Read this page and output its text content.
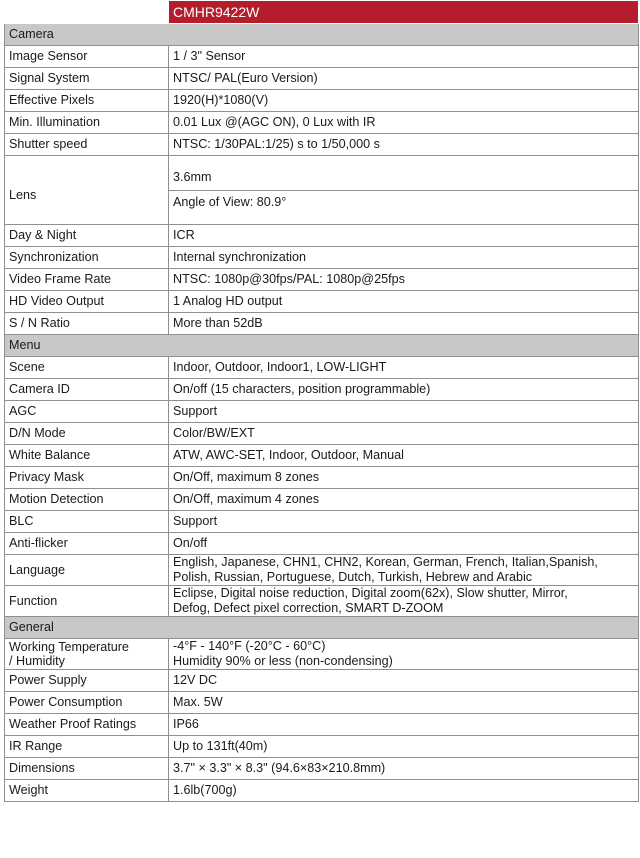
	CMHR9422W
Camera	

Image Sensor	1 / 3" Sensor

Signal System	NTSC/ PAL(Euro Version)

Effective Pixels	1920(H)*1080(V)

Min. Illumination	0.01 Lux @(AGC ON), 0 Lux with IR

Shutter speed	NTSC: 1/30PAL:1/25) s to 1/50,000 s

Lens	3.6mm
Angle of View: 80.9°

Day & Night	ICR

Synchronization	Internal synchronization

Video Frame Rate	NTSC: 1080p@30fps/PAL: 1080p@25fps

HD Video Output	1 Analog HD output

S / N Ratio	More than 52dB

Menu	

Scene	Indoor, Outdoor, Indoor1, LOW-LIGHT

Camera ID	On/off (15 characters, position programmable)

AGC	Support

D/N Mode	Color/BW/EXT

White Balance	ATW, AWC-SET, Indoor, Outdoor, Manual

Privacy Mask	On/Off, maximum 8 zones

Motion Detection	On/Off, maximum 4 zones

BLC	Support

Anti-flicker	On/off

Language	English, Japanese, CHN1, CHN2, Korean, German, French, Italian,Spanish,
Polish, Russian, Portuguese, Dutch, Turkish, Hebrew and Arabic

Function	Eclipse, Digital noise reduction, Digital zoom(62x), Slow shutter, Mirror,
Defog, Defect pixel correction, SMART D-ZOOM

General	

Working Temperature
/ Humidity	-4°F - 140°F (-20°C - 60°C)
Humidity 90% or less (non-condensing)

Power Supply	12V DC

Power Consumption	Max. 5W

Weather Proof Ratings	IP66

IR Range	Up to 131ft(40m)

Dimensions	3.7" × 3.3" × 8.3" (94.6×83×210.8mm)

Weight	1.6lb(700g)
